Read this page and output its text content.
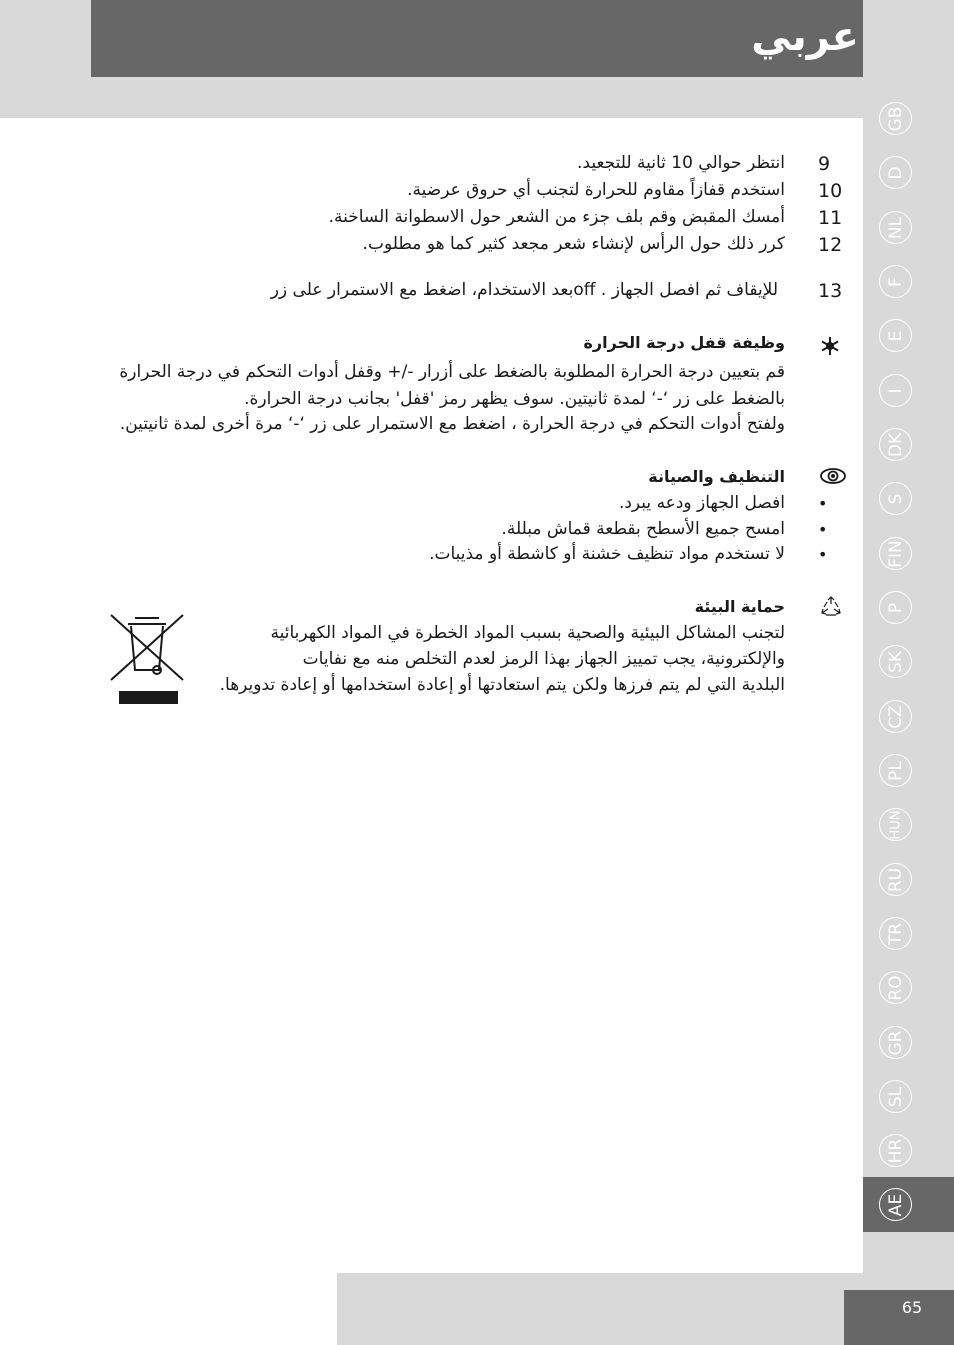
عربي
65
GB
D
NL
F
E
I
DK
S
FIN
P
SK
CZ
PL
HUN
RU
TR
RO
GR
SL
HR
AE
9
انتظر حوالي 10 ثانية للتجعيد.
10
استخدم قفازاً مقاوم للحرارة لتجنب أي حروق عرضية.
11
أمسك المقبض وقم بلف جزء من الشعر حول الاسطوانة الساخنة.
12
كرر ذلك حول الرأس لإنشاء شعر مجعد كثير كما هو مطلوب.
13
للإيقاف ثم افصل الجهاز . offبعد الاستخدام، اضغط مع الاستمرار على زر
وظيفة قفل درجة الحرارة
قم بتعيين درجة الحرارة المطلوبة بالضغط على أزرار -/+ وقفل أدوات التحكم في درجة الحرارة
بالضغط على زر ‘-‘ لمدة ثانيتين. سوف يظهر رمز 'قفل' بجانب درجة الحرارة.
ولفتح أدوات التحكم في درجة الحرارة ، اضغط مع الاستمرار على زر ‘-‘ مرة أخرى لمدة ثانيتين.
التنظيف والصيانة
•
افصل الجهاز ودعه يبرد.
•
امسح جميع الأسطح بقطعة قماش مبللة.
•
لا تستخدم مواد تنظيف خشنة أو كاشطة أو مذيبات.
حماية البيئة
لتجنب المشاكل البيئية والصحية بسبب المواد الخطرة في المواد الكهربائية
والإلكترونية، يجب تمييز الجهاز بهذا الرمز لعدم التخلص منه مع نفايات
البلدية التي لم يتم فرزها ولكن يتم استعادتها أو إعادة استخدامها أو إعادة تدويرها.
